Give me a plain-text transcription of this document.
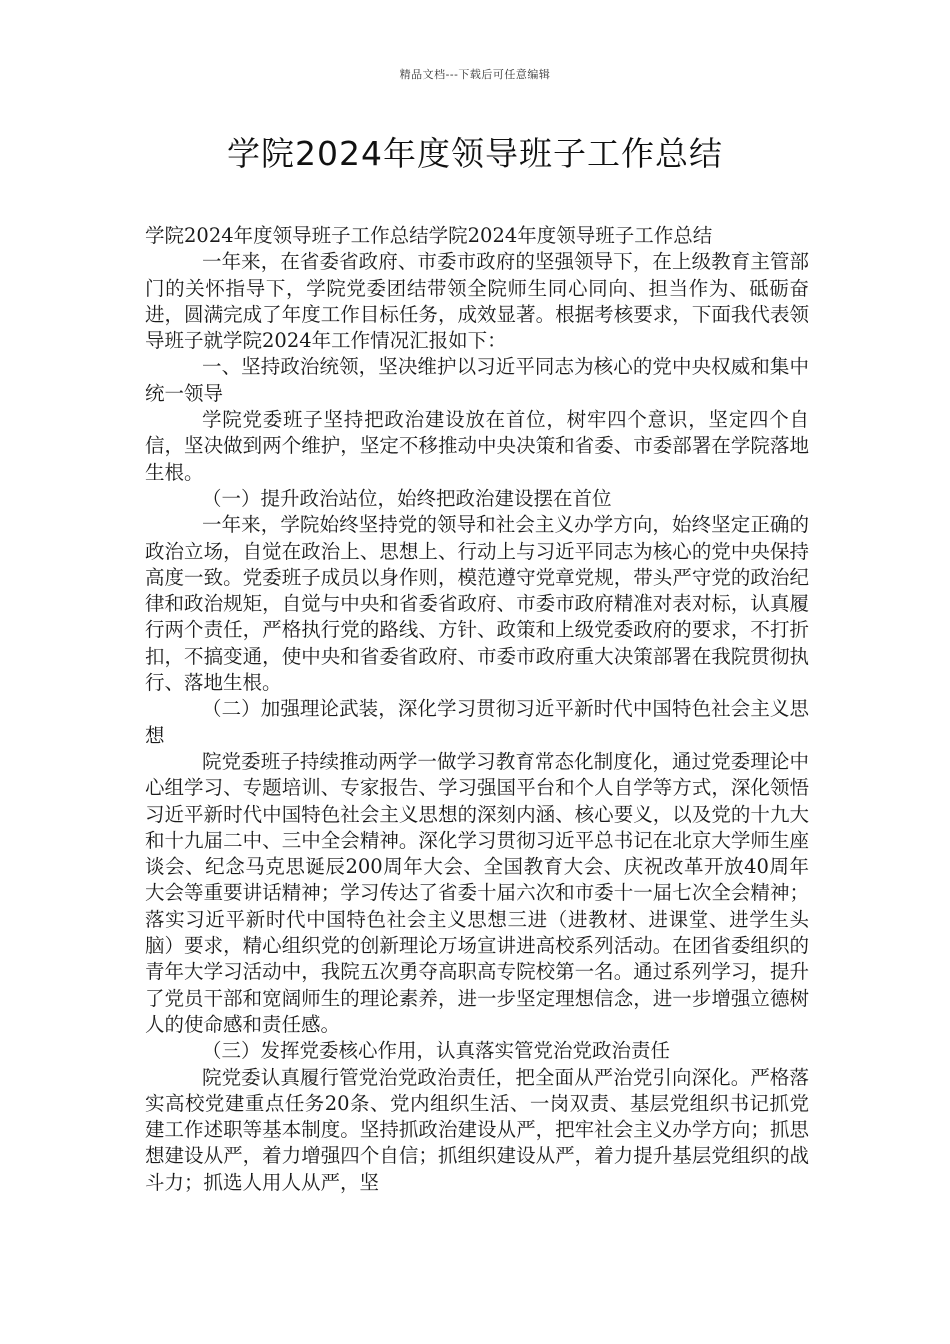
精品文档---下载后可任意编辑
学院2024年度领导班子工作总结

学院2024年度领导班子工作总结学院2024年度领导班子工作总结

一年来，在省委省政府、市委市政府的坚强领导下，在上级教育主管部门的关怀指导下，学院党委团结带领全院师生同心同向、担当作为、砥砺奋进，圆满完成了年度工作目标任务，成效显著。根据考核要求，下面我代表领导班子就学院2024年工作情况汇报如下：

一、坚持政治统领，坚决维护以习近平同志为核心的党中央权威和集中统一领导

学院党委班子坚持把政治建设放在首位，树牢四个意识，坚定四个自信，坚决做到两个维护，坚定不移推动中央决策和省委、市委部署在学院落地生根。

（一）提升政治站位，始终把政治建设摆在首位

一年来，学院始终坚持党的领导和社会主义办学方向，始终坚定正确的政治立场，自觉在政治上、思想上、行动上与习近平同志为核心的党中央保持高度一致。党委班子成员以身作则，模范遵守党章党规，带头严守党的政治纪律和政治规矩，自觉与中央和省委省政府、市委市政府精准对表对标，认真履行两个责任，严格执行党的路线、方针、政策和上级党委政府的要求，不打折扣，不搞变通，使中央和省委省政府、市委市政府重大决策部署在我院贯彻执行、落地生根。

（二）加强理论武装，深化学习贯彻习近平新时代中国特色社会主义思想

院党委班子持续推动两学一做学习教育常态化制度化，通过党委理论中心组学习、专题培训、专家报告、学习强国平台和个人自学等方式，深化领悟习近平新时代中国特色社会主义思想的深刻内涵、核心要义，以及党的十九大和十九届二中、三中全会精神。深化学习贯彻习近平总书记在北京大学师生座谈会、纪念马克思诞辰200周年大会、全国教育大会、庆祝改革开放40周年大会等重要讲话精神；学习传达了省委十届六次和市委十一届七次全会精神；落实习近平新时代中国特色社会主义思想三进（进教材、进课堂、进学生头脑）要求，精心组织党的创新理论万场宣讲进高校系列活动。在团省委组织的青年大学习活动中，我院五次勇夺高职高专院校第一名。通过系列学习，提升了党员干部和宽阔师生的理论素养，进一步坚定理想信念，进一步增强立德树人的使命感和责任感。

（三）发挥党委核心作用，认真落实管党治党政治责任

院党委认真履行管党治党政治责任，把全面从严治党引向深化。严格落实高校党建重点任务20条、党内组织生活、一岗双责、基层党组织书记抓党建工作述职等基本制度。坚持抓政治建设从严，把牢社会主义办学方向；抓思想建设从严，着力增强四个自信；抓组织建设从严，着力提升基层党组织的战斗力；抓选人用人从严，坚
